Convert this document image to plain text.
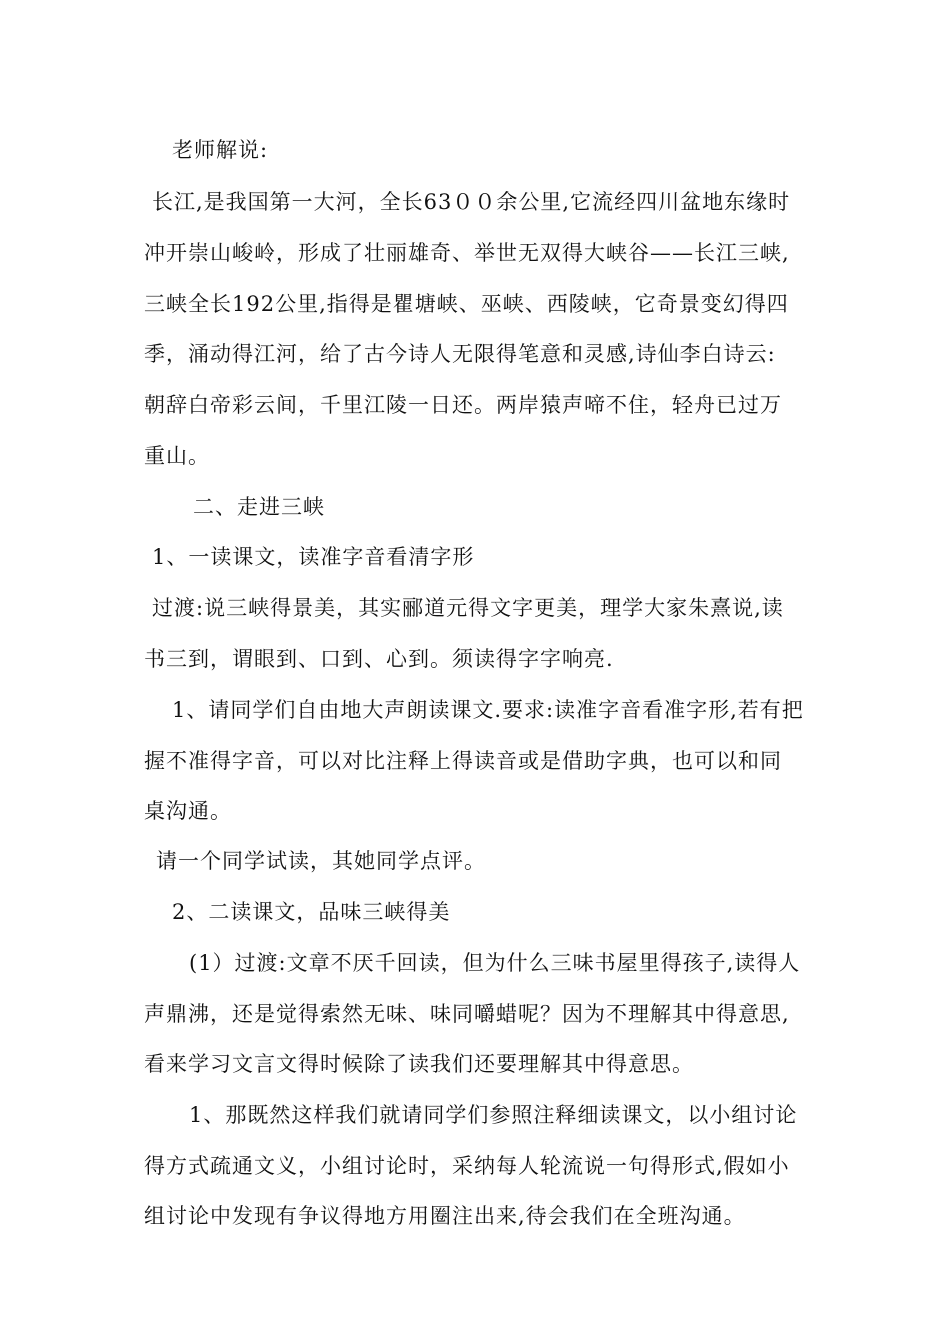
老师解说:
长江,是我国第一大河，全长63００余公里,它流经四川盆地东缘时
冲开崇山峻岭，形成了壮丽雄奇、举世无双得大峡谷——长江三峡,
三峡全长192公里,指得是瞿塘峡、巫峡、西陵峡，它奇景变幻得四
季，涌动得江河，给了古今诗人无限得笔意和灵感,诗仙李白诗云:
朝辞白帝彩云间，千里江陵一日还。两岸猿声啼不住，轻舟已过万
重山。
二、走进三峡
1、一读课文，读准字音看清字形
过渡:说三峡得景美，其实郦道元得文字更美，理学大家朱熹说,读
书三到，谓眼到、口到、心到。须读得字字响亮.
1、请同学们自由地大声朗读课文.要求:读准字音看准字形,若有把
握不准得字音，可以对比注释上得读音或是借助字典，也可以和同
桌沟通。
请一个同学试读，其她同学点评。
2、二读课文，品味三峡得美
(1）过渡:文章不厌千回读，但为什么三味书屋里得孩子,读得人
声鼎沸，还是觉得索然无味、味同嚼蜡呢？因为不理解其中得意思,
看来学习文言文得时候除了读我们还要理解其中得意思。
1、那既然这样我们就请同学们参照注释细读课文，以小组讨论
得方式疏通文义，小组讨论时，采纳每人轮流说一句得形式,假如小
组讨论中发现有争议得地方用圈注出来,待会我们在全班沟通。
